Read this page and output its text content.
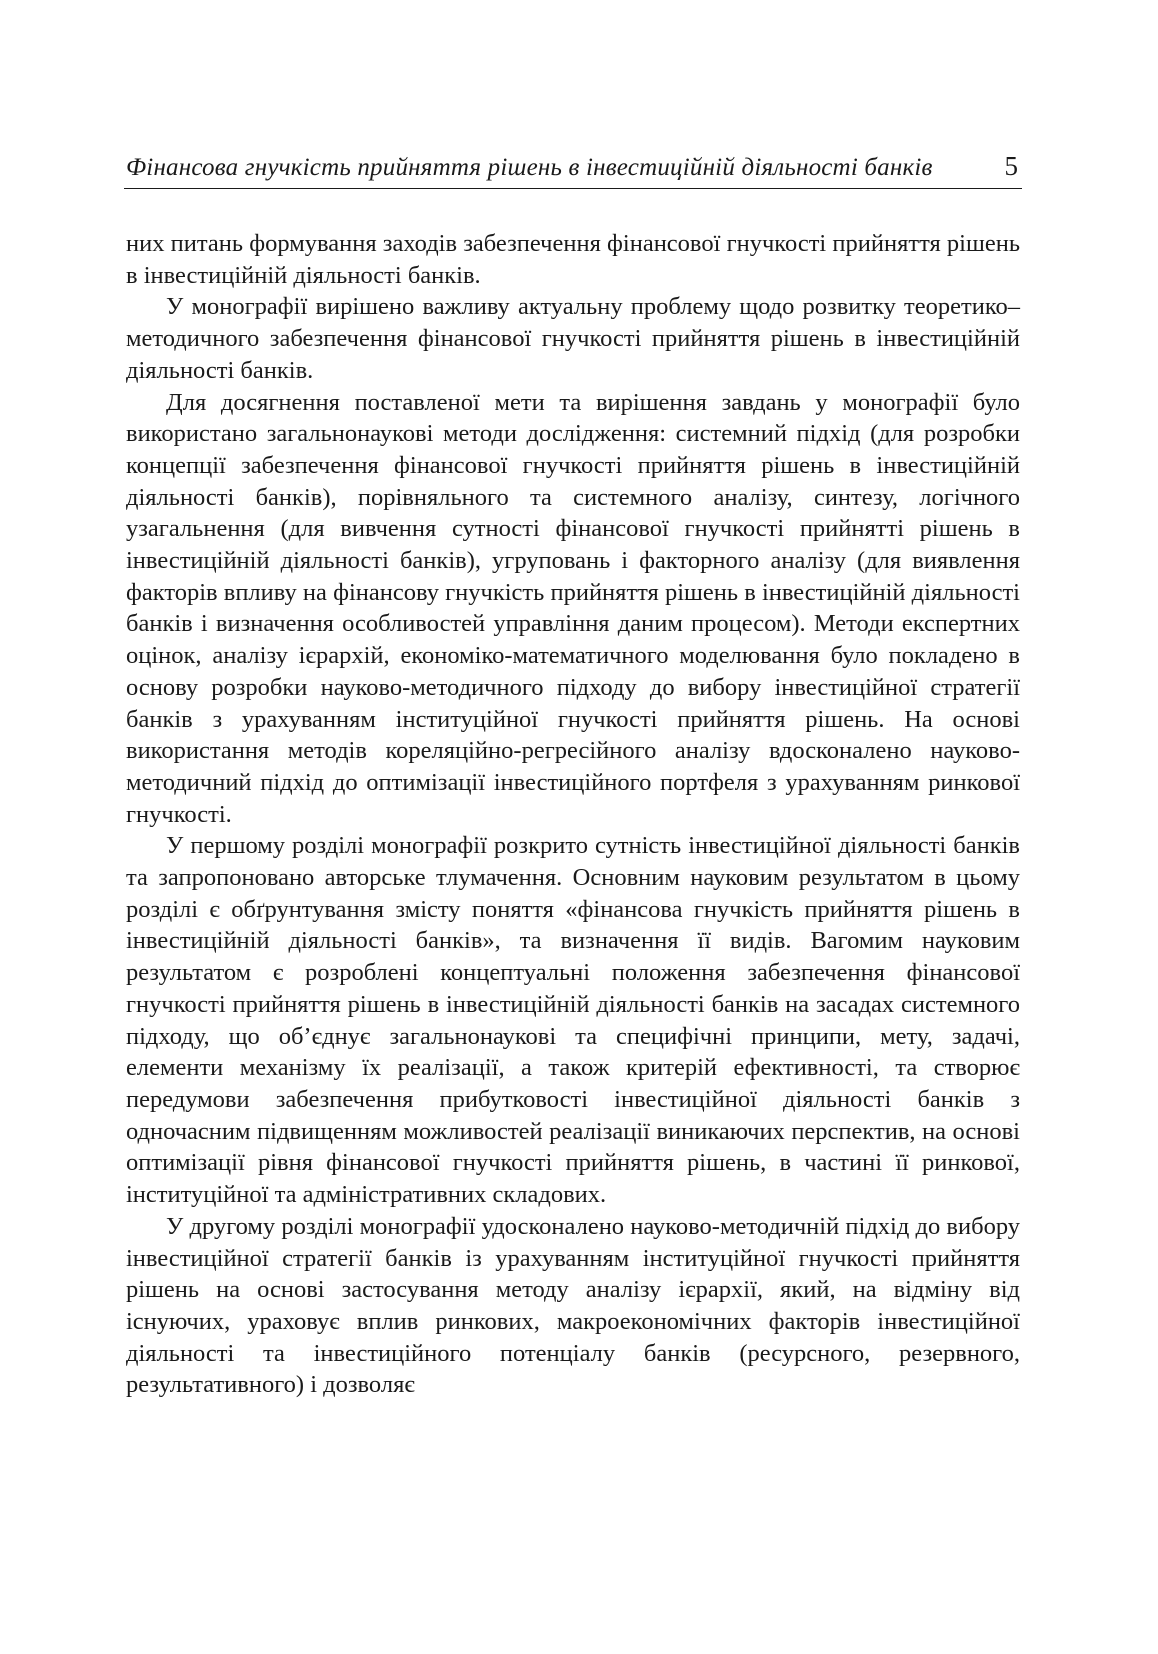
Фінансова гнучкість прийняття рішень в інвестиційній діяльності банків	5

них питань формування заходів забезпечення фінансової гнучкості прийняття рішень в інвестиційній діяльності банків.

У монографії вирішено важливу актуальну проблему щодо розвитку теоретико–методичного забезпечення фінансової гнучкості прийняття рішень в інвестиційній діяльності банків.

Для досягнення поставленої мети та вирішення завдань у монографії було використано загальнонаукові методи дослідження: системний підхід (для розробки концепції забезпечення фінансової гнучкості прийняття рішень в інвестиційній діяльності банків), порівняльного та системного аналізу, синтезу, логічного узагальнення (для вивчення сутності фінансової гнучкості прийнятті рішень в інвестиційній діяльності банків), угруповань і факторного аналізу (для виявлення факторів впливу на фінансову гнучкість прийняття рішень в інвестиційній діяльності банків і визначення особливостей управління даним процесом). Методи експертних оцінок, аналізу ієрархій, економіко-математичного моделювання було покладено в основу розробки науково-методичного підходу до вибору інвестиційної стратегії банків з урахуванням інституційної гнучкості прийняття рішень. На основі використання методів кореляційно-регресійного аналізу вдосконалено науково-методичний підхід до оптимізації інвестиційного портфеля з урахуванням ринкової гнучкості.

У першому розділі монографії розкрито сутність інвестиційної діяльності банків та запропоновано авторське тлумачення. Основним науковим результатом в цьому розділі є обґрунтування змісту поняття «фінансова гнучкість прийняття рішень в інвестиційній діяльності банків», та визначення її видів. Вагомим науковим результатом є розроблені концептуальні положення забезпечення фінансової гнучкості прийняття рішень в інвестиційній діяльності банків на засадах системного підходу, що об’єднує загальнонаукові та специфічні принципи, мету, задачі, елементи механізму їх реалізації, а також критерій ефективності, та створює передумови забезпечення прибутковості інвестиційної діяльності банків з одночасним підвищенням можливостей реалізації виникаючих перспектив, на основі оптимізації рівня фінансової гнучкості прийняття рішень, в частині її ринкової, інституційної та адміністративних складових.

У другому розділі монографії удосконалено науково-методичній підхід до вибору інвестиційної стратегії банків із урахуванням інституційної гнучкості прийняття рішень на основі застосування методу аналізу ієрархії, який, на відміну від існуючих, ураховує вплив ринкових, макроекономічних факторів інвестиційної діяльності та інвестиційного потенціалу банків (ресурсного, резервного, результативного) і дозволяє
